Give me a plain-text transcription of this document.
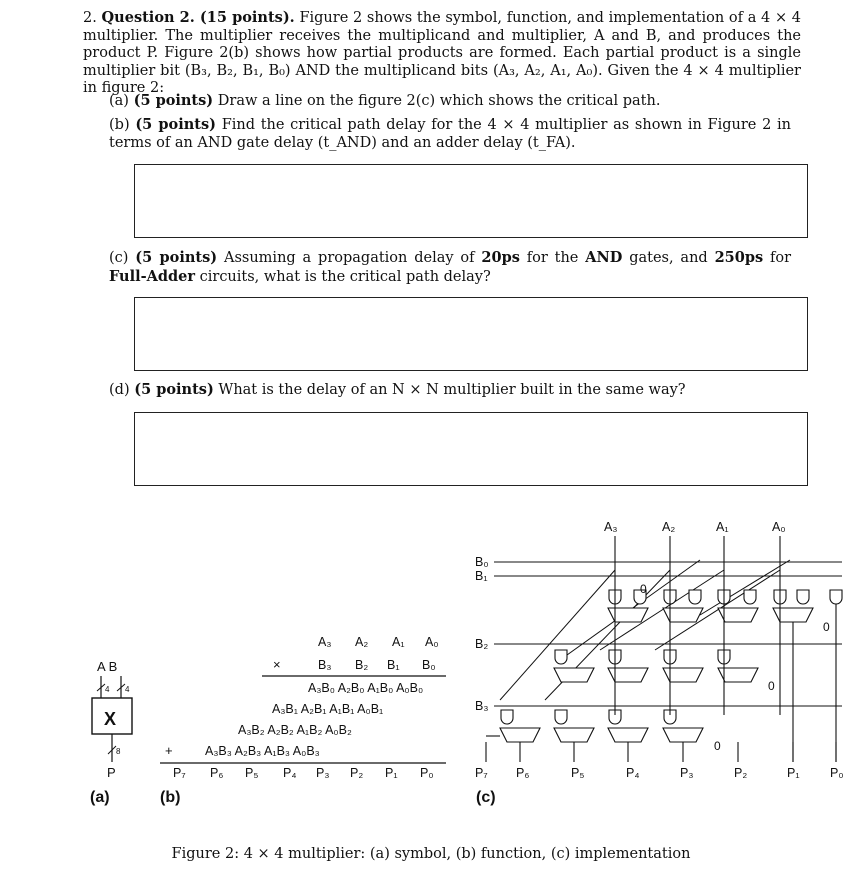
2. Question 2. (15 points). Figure 2 shows the symbol, function, and implementation of a 4 × 4 multiplier. The multiplier receives the multiplicand and multiplier, A and B, and produces the product P. Figure 2(b) shows how partial products are formed. Each partial product is a single multiplier bit (B₃, B₂, B₁, B₀) AND the multiplicand bits (A₃, A₂, A₁, A₀). Given the 4 × 4 multiplier in figure 2:
(a) (5 points) Draw a line on the figure 2(c) which shows the critical path.
(b) (5 points) Find the critical path delay for the 4 × 4 multiplier as shown in Figure 2 in terms of an AND gate delay (t_AND) and an adder delay (t_FA).
(c) (5 points) Assuming a propagation delay of 20ps for the AND gates, and 250ps for Full-Adder circuits, what is the critical path delay?
(d) (5 points) What is the delay of an N × N multiplier built in the same way?
A B
4 4
X
8
P
(a)
A₃ A₂ A₁ A₀
×	B₃ B₂ B₁ B₀
A₃B₀ A₂B₀ A₁B₀ A₀B₀
A₃B₁ A₂B₁ A₁B₁ A₀B₁
A₃B₂ A₂B₂ A₁B₂ A₀B₂
+	A₃B₃ A₂B₃ A₁B₃ A₀B₃
P₇ P₆ P₅ P₄ P₃ P₂ P₁ P₀
(b)
A₃	A₂	A₁	A₀
B₀
B₁
B₂
B₃
0
0
0
0
P₇ P₆	P₅	P₄	P₃	P₂	P₁ P₀
(c)
Figure 2: 4 × 4 multiplier: (a) symbol, (b) function, (c) implementation
